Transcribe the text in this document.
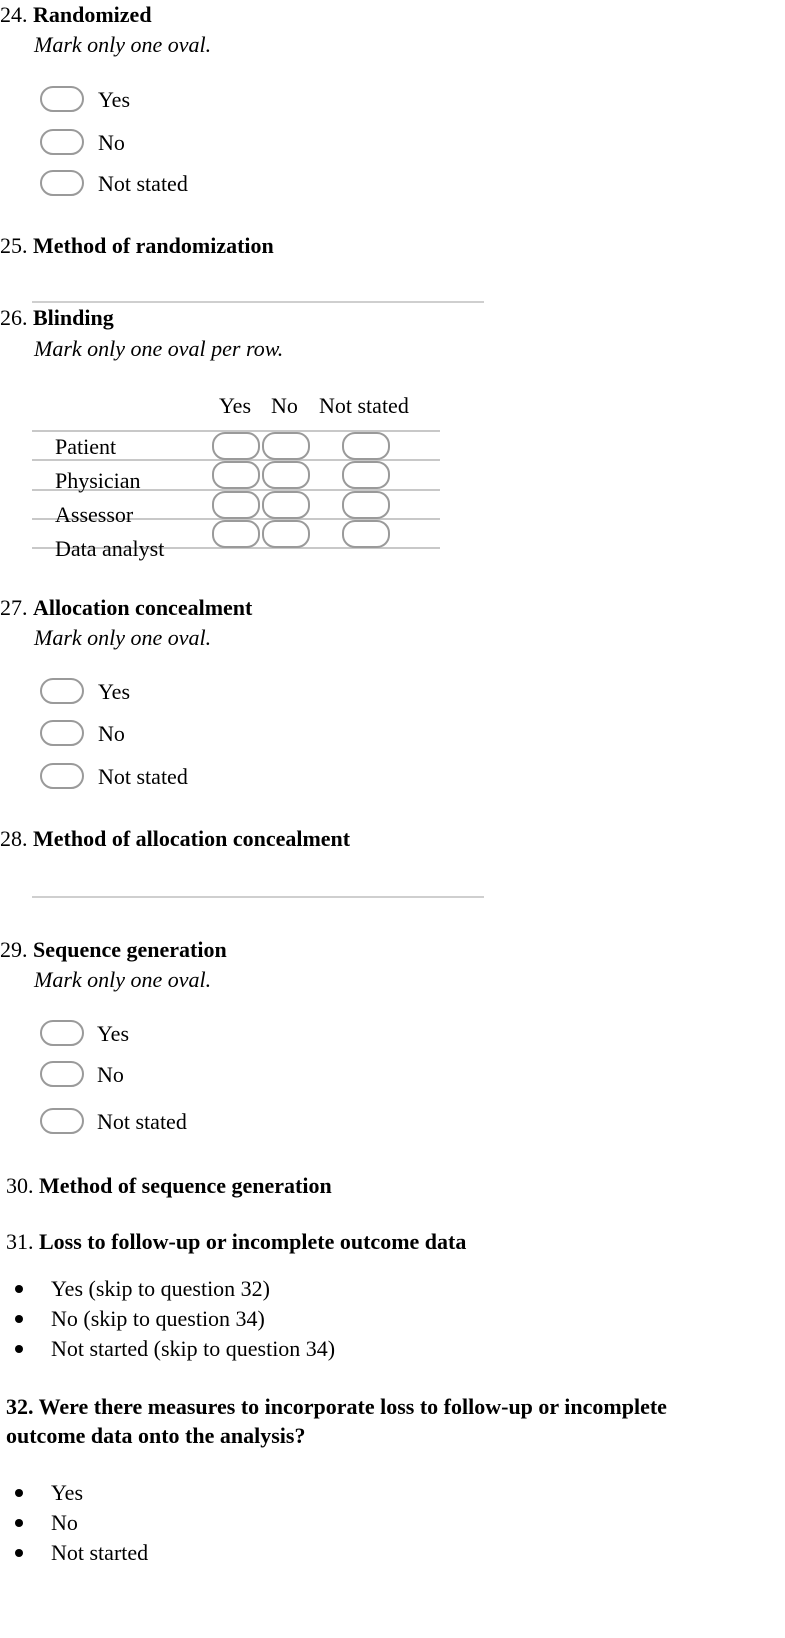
24. Randomized
Mark only one oval.
Yes
No
Not stated
25. Method of randomization
26. Blinding
Mark only one oval per row.
Yes No Not stated
Patient
Physician
Assessor
Data analyst
27. Allocation concealment
Mark only one oval.
Yes
No
Not stated
28. Method of allocation concealment
29. Sequence generation
Mark only one oval.
Yes
No
Not stated
30. Method of sequence generation
31. Loss to follow-up or incomplete outcome data
Yes (skip to question 32)
No (skip to question 34)
Not started (skip to question 34)
32. Were there measures to incorporate loss to follow-up or incomplete
outcome data onto the analysis?
Yes
No
Not started
